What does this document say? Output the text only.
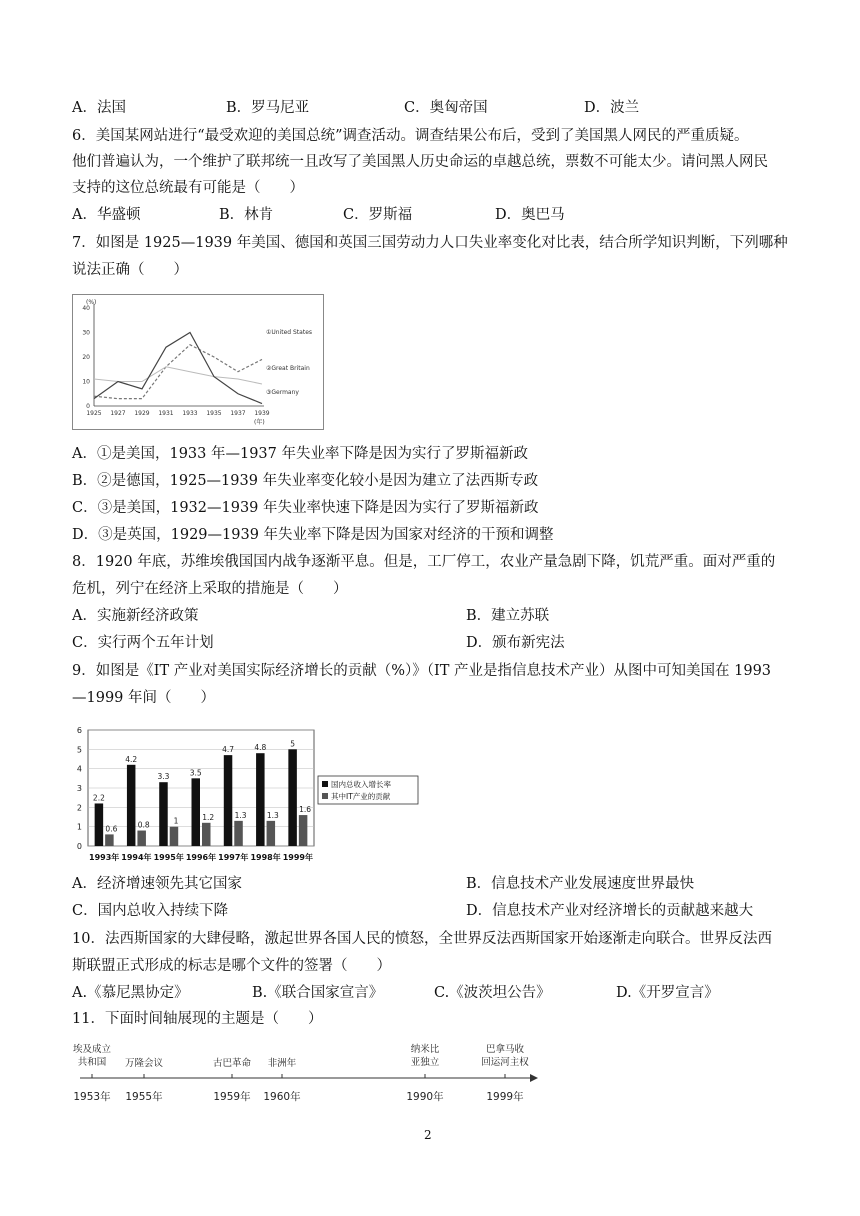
A．法国	B．罗马尼亚	C．奥匈帝国	D．波兰
6．美国某网站进行“最受欢迎的美国总统”调查活动。调查结果公布后，受到了美国黑人网民的严重质疑。
他们普遍认为，一个维护了联邦统一且改写了美国黑人历史命运的卓越总统，票数不可能太少。请问黑人网民
支持的这位总统最有可能是（　　）
A．华盛顿	B．林肯	C．罗斯福	D．奥巴马
7．如图是 1925—1939 年美国、德国和英国三国劳动力人口失业率变化对比表，结合所学知识判断，下列哪种
说法正确（　　）
(%)
(年)
0
10
20
30
40
1925 1927 1929 1931 1933 1935 1937 1939
①United States
②Great Britain
③Germany
A．①是美国，1933 年—1937 年失业率下降是因为实行了罗斯福新政
B．②是德国，1925—1939 年失业率变化较小是因为建立了法西斯专政
C．③是美国，1932—1939 年失业率快速下降是因为实行了罗斯福新政
D．③是英国，1929—1939 年失业率下降是因为国家对经济的干预和调整
8．1920 年底，苏维埃俄国国内战争逐渐平息。但是，工厂停工，农业产量急剧下降，饥荒严重。面对严重的
危机，列宁在经济上采取的措施是（　　）
A．实施新经济政策	B．建立苏联
C．实行两个五年计划	D．颁布新宪法
9．如图是《IT 产业对美国实际经济增长的贡献（%）》（IT 产业是指信息技术产业）从图中可知美国在 1993
—1999 年间（　　）
0
1
2
3
4
5
6
2.2
0.6
1993年
4.2
0.8
1994年
3.3
1
1995年
3.5
1.2
1996年
4.7
1.3
1997年
4.8
1.3
1998年
5
1.6
1999年
国内总收入增长率
其中IT产业的贡献
A．经济增速领先其它国家	B．信息技术产业发展速度世界最快
C．国内总收入持续下降	D．信息技术产业对经济增长的贡献越来越大
10．法西斯国家的大肆侵略，激起世界各国人民的愤怒，全世界反法西斯国家开始逐渐走向联合。世界反法西
斯联盟正式形成的标志是哪个文件的签署（　　）
A.《慕尼黑协定》	B.《联合国家宣言》	C.《波茨坦公告》	D.《开罗宣言》
11．下面时间轴展现的主题是（　　）
埃及成立
共和国
1953年
万隆会议
1955年
古巴革命
1959年
非洲年
1960年
纳米比
亚独立
1990年
巴拿马收
回运河主权
1999年
2
